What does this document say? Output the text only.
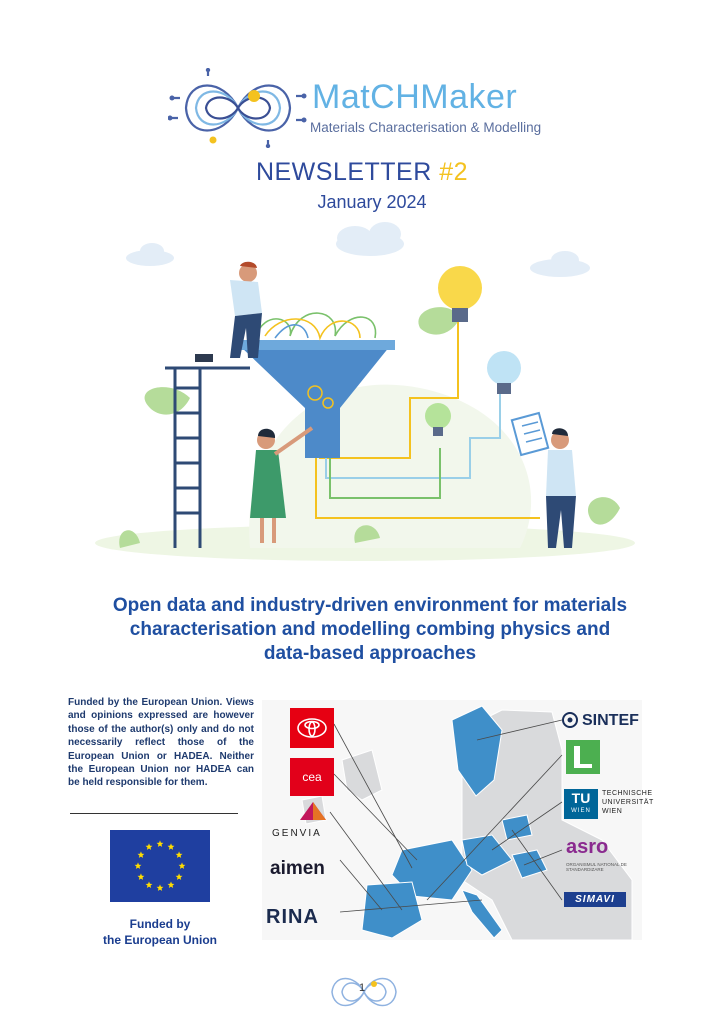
MatCHMaker
Materials Characterisation & Modelling
NEWSLETTER #2
January 2024
Open data and industry-driven environment for materials characterisation and modelling combing physics and data-based approaches
Funded by the European Union. Views and opinions expressed are however those of the author(s) only and do not necessarily reflect those of the European Union or HADEA. Neither the European Union nor HADEA can be held responsible for them.
Funded by
the European Union
cea
GENVIA
aimen
RINA
SINTEF
TU
WIEN
TECHNISCHE
UNIVERSITÄT
WIEN
asro
ORGANISMUL NATIONAL DE STANDARDIZARE
SIMAVI
1
